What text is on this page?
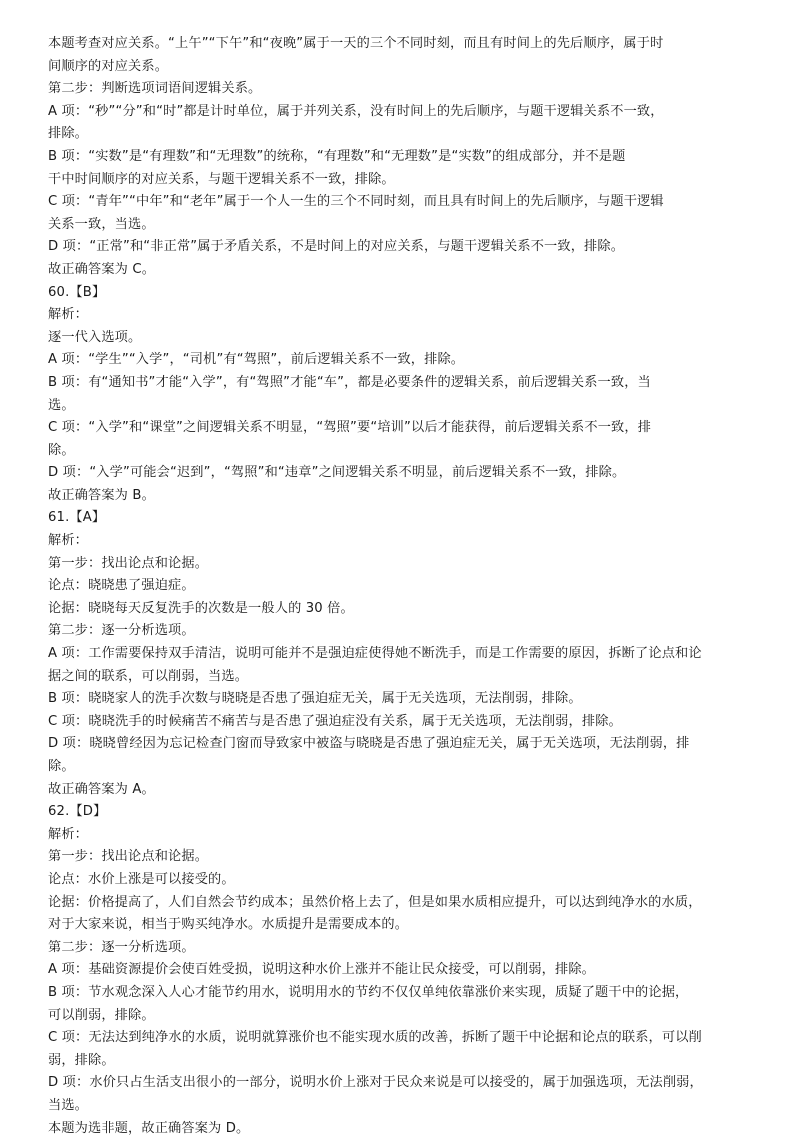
本题考查对应关系。“上午”“下午”和“夜晚”属于一天的三个不同时刻，而且有时间上的先后顺序，属于时
间顺序的对应关系。
第二步：判断选项词语间逻辑关系。
A 项：“秒”“分”和“时”都是计时单位，属于并列关系，没有时间上的先后顺序，与题干逻辑关系不一致，
排除。
B 项：“实数”是“有理数”和“无理数”的统称，“有理数”和“无理数”是“实数”的组成部分，并不是题
干中时间顺序的对应关系，与题干逻辑关系不一致，排除。
C 项：“青年”“中年”和“老年”属于一个人一生的三个不同时刻，而且具有时间上的先后顺序，与题干逻辑
关系一致，当选。
D 项：“正常”和“非正常”属于矛盾关系，不是时间上的对应关系，与题干逻辑关系不一致，排除。
故正确答案为 C。
60.【B】
解析：
逐一代入选项。
A 项：“学生”“入学”，“司机”有“驾照”，前后逻辑关系不一致，排除。
B 项：有“通知书”才能“入学”，有“驾照”才能“车”，都是必要条件的逻辑关系，前后逻辑关系一致，当
选。
C 项：“入学”和“课堂”之间逻辑关系不明显，“驾照”要“培训”以后才能获得，前后逻辑关系不一致，排
除。
D 项：“入学”可能会“迟到”，“驾照”和“违章”之间逻辑关系不明显，前后逻辑关系不一致，排除。
故正确答案为 B。
61.【A】
解析：
第一步：找出论点和论据。
论点：晓晓患了强迫症。
论据：晓晓每天反复洗手的次数是一般人的 30 倍。
第二步：逐一分析选项。
A 项：工作需要保持双手清洁，说明可能并不是强迫症使得她不断洗手，而是工作需要的原因，拆断了论点和论
据之间的联系，可以削弱，当选。
B 项：晓晓家人的洗手次数与晓晓是否患了强迫症无关，属于无关选项，无法削弱，排除。
C 项：晓晓洗手的时候痛苦不痛苦与是否患了强迫症没有关系，属于无关选项，无法削弱，排除。
D 项：晓晓曾经因为忘记检查门窗而导致家中被盗与晓晓是否患了强迫症无关，属于无关选项，无法削弱，排
除。
故正确答案为 A。
62.【D】
解析：
第一步：找出论点和论据。
论点：水价上涨是可以接受的。
论据：价格提高了，人们自然会节约成本；虽然价格上去了，但是如果水质相应提升，可以达到纯净水的水质，
对于大家来说，相当于购买纯净水。水质提升是需要成本的。
第二步：逐一分析选项。
A 项：基础资源提价会使百姓受损，说明这种水价上涨并不能让民众接受，可以削弱，排除。
B 项：节水观念深入人心才能节约用水，说明用水的节约不仅仅单纯依靠涨价来实现，质疑了题干中的论据，
可以削弱，排除。
C 项：无法达到纯净水的水质，说明就算涨价也不能实现水质的改善，拆断了题干中论据和论点的联系，可以削
弱，排除。
D 项：水价只占生活支出很小的一部分，说明水价上涨对于民众来说是可以接受的，属于加强选项，无法削弱，
当选。
本题为选非题，故正确答案为 D。
